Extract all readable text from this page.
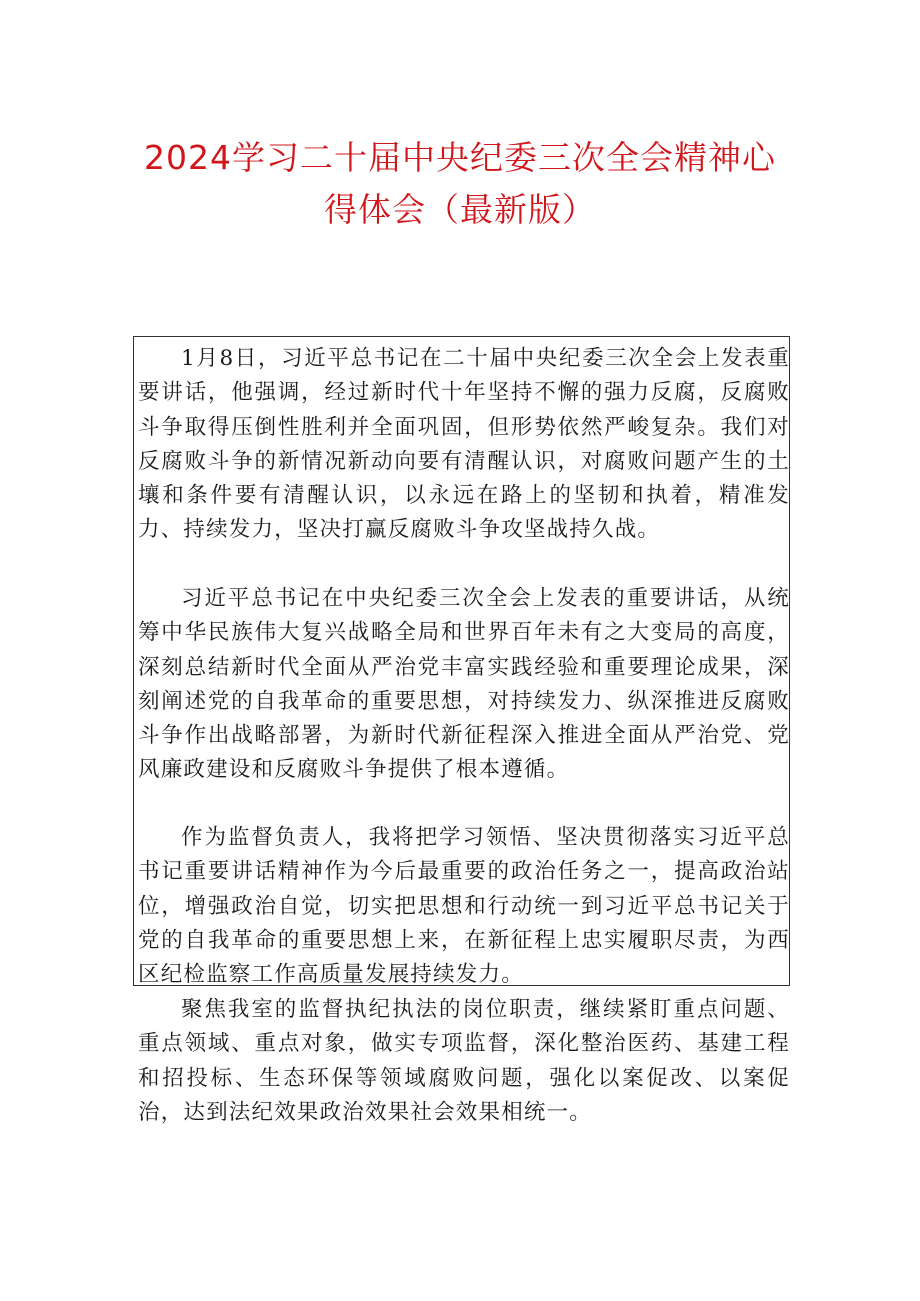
2024学习二十届中央纪委三次全会精神心
得体会（最新版）

1月8日，习近平总书记在二十届中央纪委三次全会上发表重要讲话，他强调，经过新时代十年坚持不懈的强力反腐，反腐败斗争取得压倒性胜利并全面巩固，但形势依然严峻复杂。我们对反腐败斗争的新情况新动向要有清醒认识，对腐败问题产生的土壤和条件要有清醒认识，以永远在路上的坚韧和执着，精准发力、持续发力，坚决打赢反腐败斗争攻坚战持久战。

习近平总书记在中央纪委三次全会上发表的重要讲话，从统筹中华民族伟大复兴战略全局和世界百年未有之大变局的高度，深刻总结新时代全面从严治党丰富实践经验和重要理论成果，深刻阐述党的自我革命的重要思想，对持续发力、纵深推进反腐败斗争作出战略部署，为新时代新征程深入推进全面从严治党、党风廉政建设和反腐败斗争提供了根本遵循。

作为监督负责人，我将把学习领悟、坚决贯彻落实习近平总书记重要讲话精神作为今后最重要的政治任务之一，提高政治站位，增强政治自觉，切实把思想和行动统一到习近平总书记关于党的自我革命的重要思想上来，在新征程上忠实履职尽责，为西区纪检监察工作高质量发展持续发力。

聚焦我室的监督执纪执法的岗位职责，继续紧盯重点问题、重点领域、重点对象，做实专项监督，深化整治医药、基建工程和招投标、生态环保等领域腐败问题，强化以案促改、以案促治，达到法纪效果政治效果社会效果相统一。
